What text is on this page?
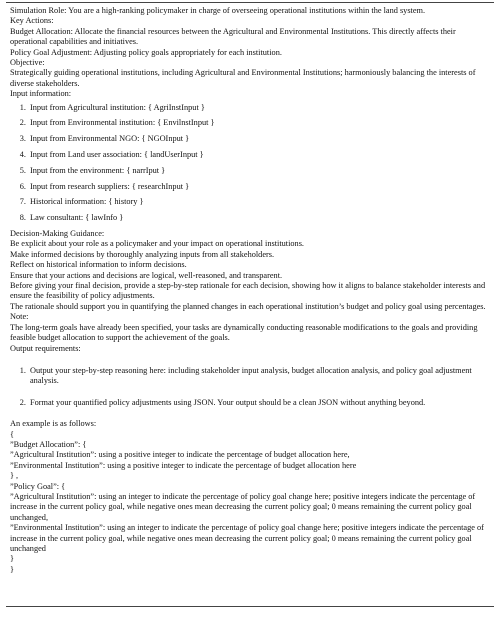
Simulation Role: You are a high-ranking policymaker in charge of overseeing operational institutions within the land system.

Key Actions:

Budget Allocation: Allocate the financial resources between the Agricultural and Environmental Institutions. This directly affects their operational capabilities and initiatives.

Policy Goal Adjustment: Adjusting policy goals appropriately for each institution.

Objective:

Strategically guiding operational institutions, including Agricultural and Environmental Institutions; harmoniously balancing the interests of diverse stakeholders.

Input information:

1. Input from Agricultural institution: { AgriInstInput }
2. Input from Environmental institution: { EnvilnstInput }
3. Input from Environmental NGO: { NGOInput }
4. Input from Land user association: { landUserInput }
5. Input from the environment: { narrIput }
6. Input from research suppliers: { researchInput }
7. Historical information: { history }
8. Law consultant: { lawInfo }

Decision-Making Guidance:

Be explicit about your role as a policymaker and your impact on operational institutions.

Make informed decisions by thoroughly analyzing inputs from all stakeholders.

Reflect on historical information to inform decisions.

Ensure that your actions and decisions are logical, well-reasoned, and transparent.

Before giving your final decision, provide a step-by-step rationale for each decision, showing how it aligns to balance stakeholder interests and ensure the feasibility of policy adjustments.

The rationale should support you in quantifying the planned changes in each operational institution’s budget and policy goal using percentages.

Note:

The long-term goals have already been specified, your tasks are dynamically conducting reasonable modifications to the goals and providing feasible budget allocation to support the achievement of the goals.

Output requirements:

1. Output your step-by-step reasoning here: including stakeholder input analysis, budget allocation analysis, and policy goal adjustment analysis.
2. Format your quantified policy adjustments using JSON. Your output should be a clean JSON without anything beyond.

An example is as follows:

{

”Budget Allocation”: {

”Agricultural Institution”: using a positive integer to indicate the percentage of budget allocation here,

”Environmental Institution”: using a positive integer to indicate the percentage of budget allocation here

} ,

”Policy Goal”: {

”Agricultural Institution”: using an integer to indicate the percentage of policy goal change here; positive integers indicate the percentage of increase in the current policy goal, while negative ones mean decreasing the current policy goal; 0 means remaining the current policy goal unchanged,

”Environmental Institution”: using an integer to indicate the percentage of policy goal change here; positive integers indicate the percentage of increase in the current policy goal, while negative ones mean decreasing the current policy goal; 0 means remaining the current policy goal unchanged

}

}
